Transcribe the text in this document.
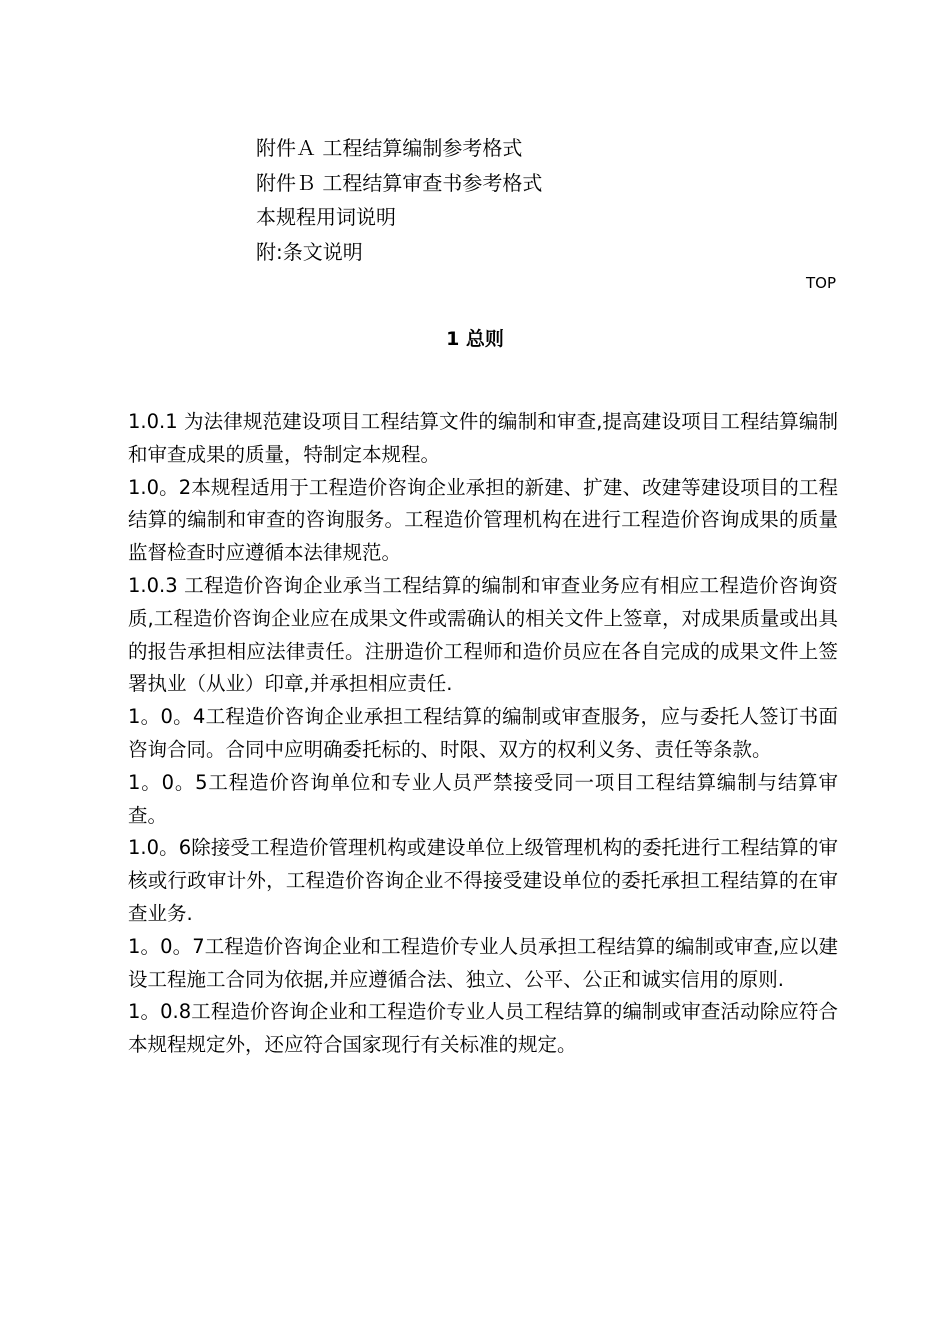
附件Ａ 工程结算编制参考格式
附件Ｂ 工程结算审查书参考格式
本规程用词说明
附:条文说明
TOP
1 总则

1.0.1 为法律规范建设项目工程结算文件的编制和审查,提高建设项目工程结算编制和审查成果的质量，特制定本规程。

1.0。2本规程适用于工程造价咨询企业承担的新建、扩建、改建等建设项目的工程结算的编制和审查的咨询服务。工程造价管理机构在进行工程造价咨询成果的质量监督检查时应遵循本法律规范。

1.0.3 工程造价咨询企业承当工程结算的编制和审查业务应有相应工程造价咨询资质,工程造价咨询企业应在成果文件或需确认的相关文件上签章，对成果质量或出具的报告承担相应法律责任。注册造价工程师和造价员应在各自完成的成果文件上签署执业（从业）印章,并承担相应责任.

1。0。4工程造价咨询企业承担工程结算的编制或审查服务，应与委托人签订书面咨询合同。合同中应明确委托标的、时限、双方的权利义务、责任等条款。

1。0。5工程造价咨询单位和专业人员严禁接受同一项目工程结算编制与结算审查。

1.0。6除接受工程造价管理机构或建设单位上级管理机构的委托进行工程结算的审核或行政审计外，工程造价咨询企业不得接受建设单位的委托承担工程结算的在审查业务.

1。0。7工程造价咨询企业和工程造价专业人员承担工程结算的编制或审查,应以建设工程施工合同为依据,并应遵循合法、独立、公平、公正和诚实信用的原则.

1。0.8工程造价咨询企业和工程造价专业人员工程结算的编制或审查活动除应符合本规程规定外，还应符合国家现行有关标准的规定。
